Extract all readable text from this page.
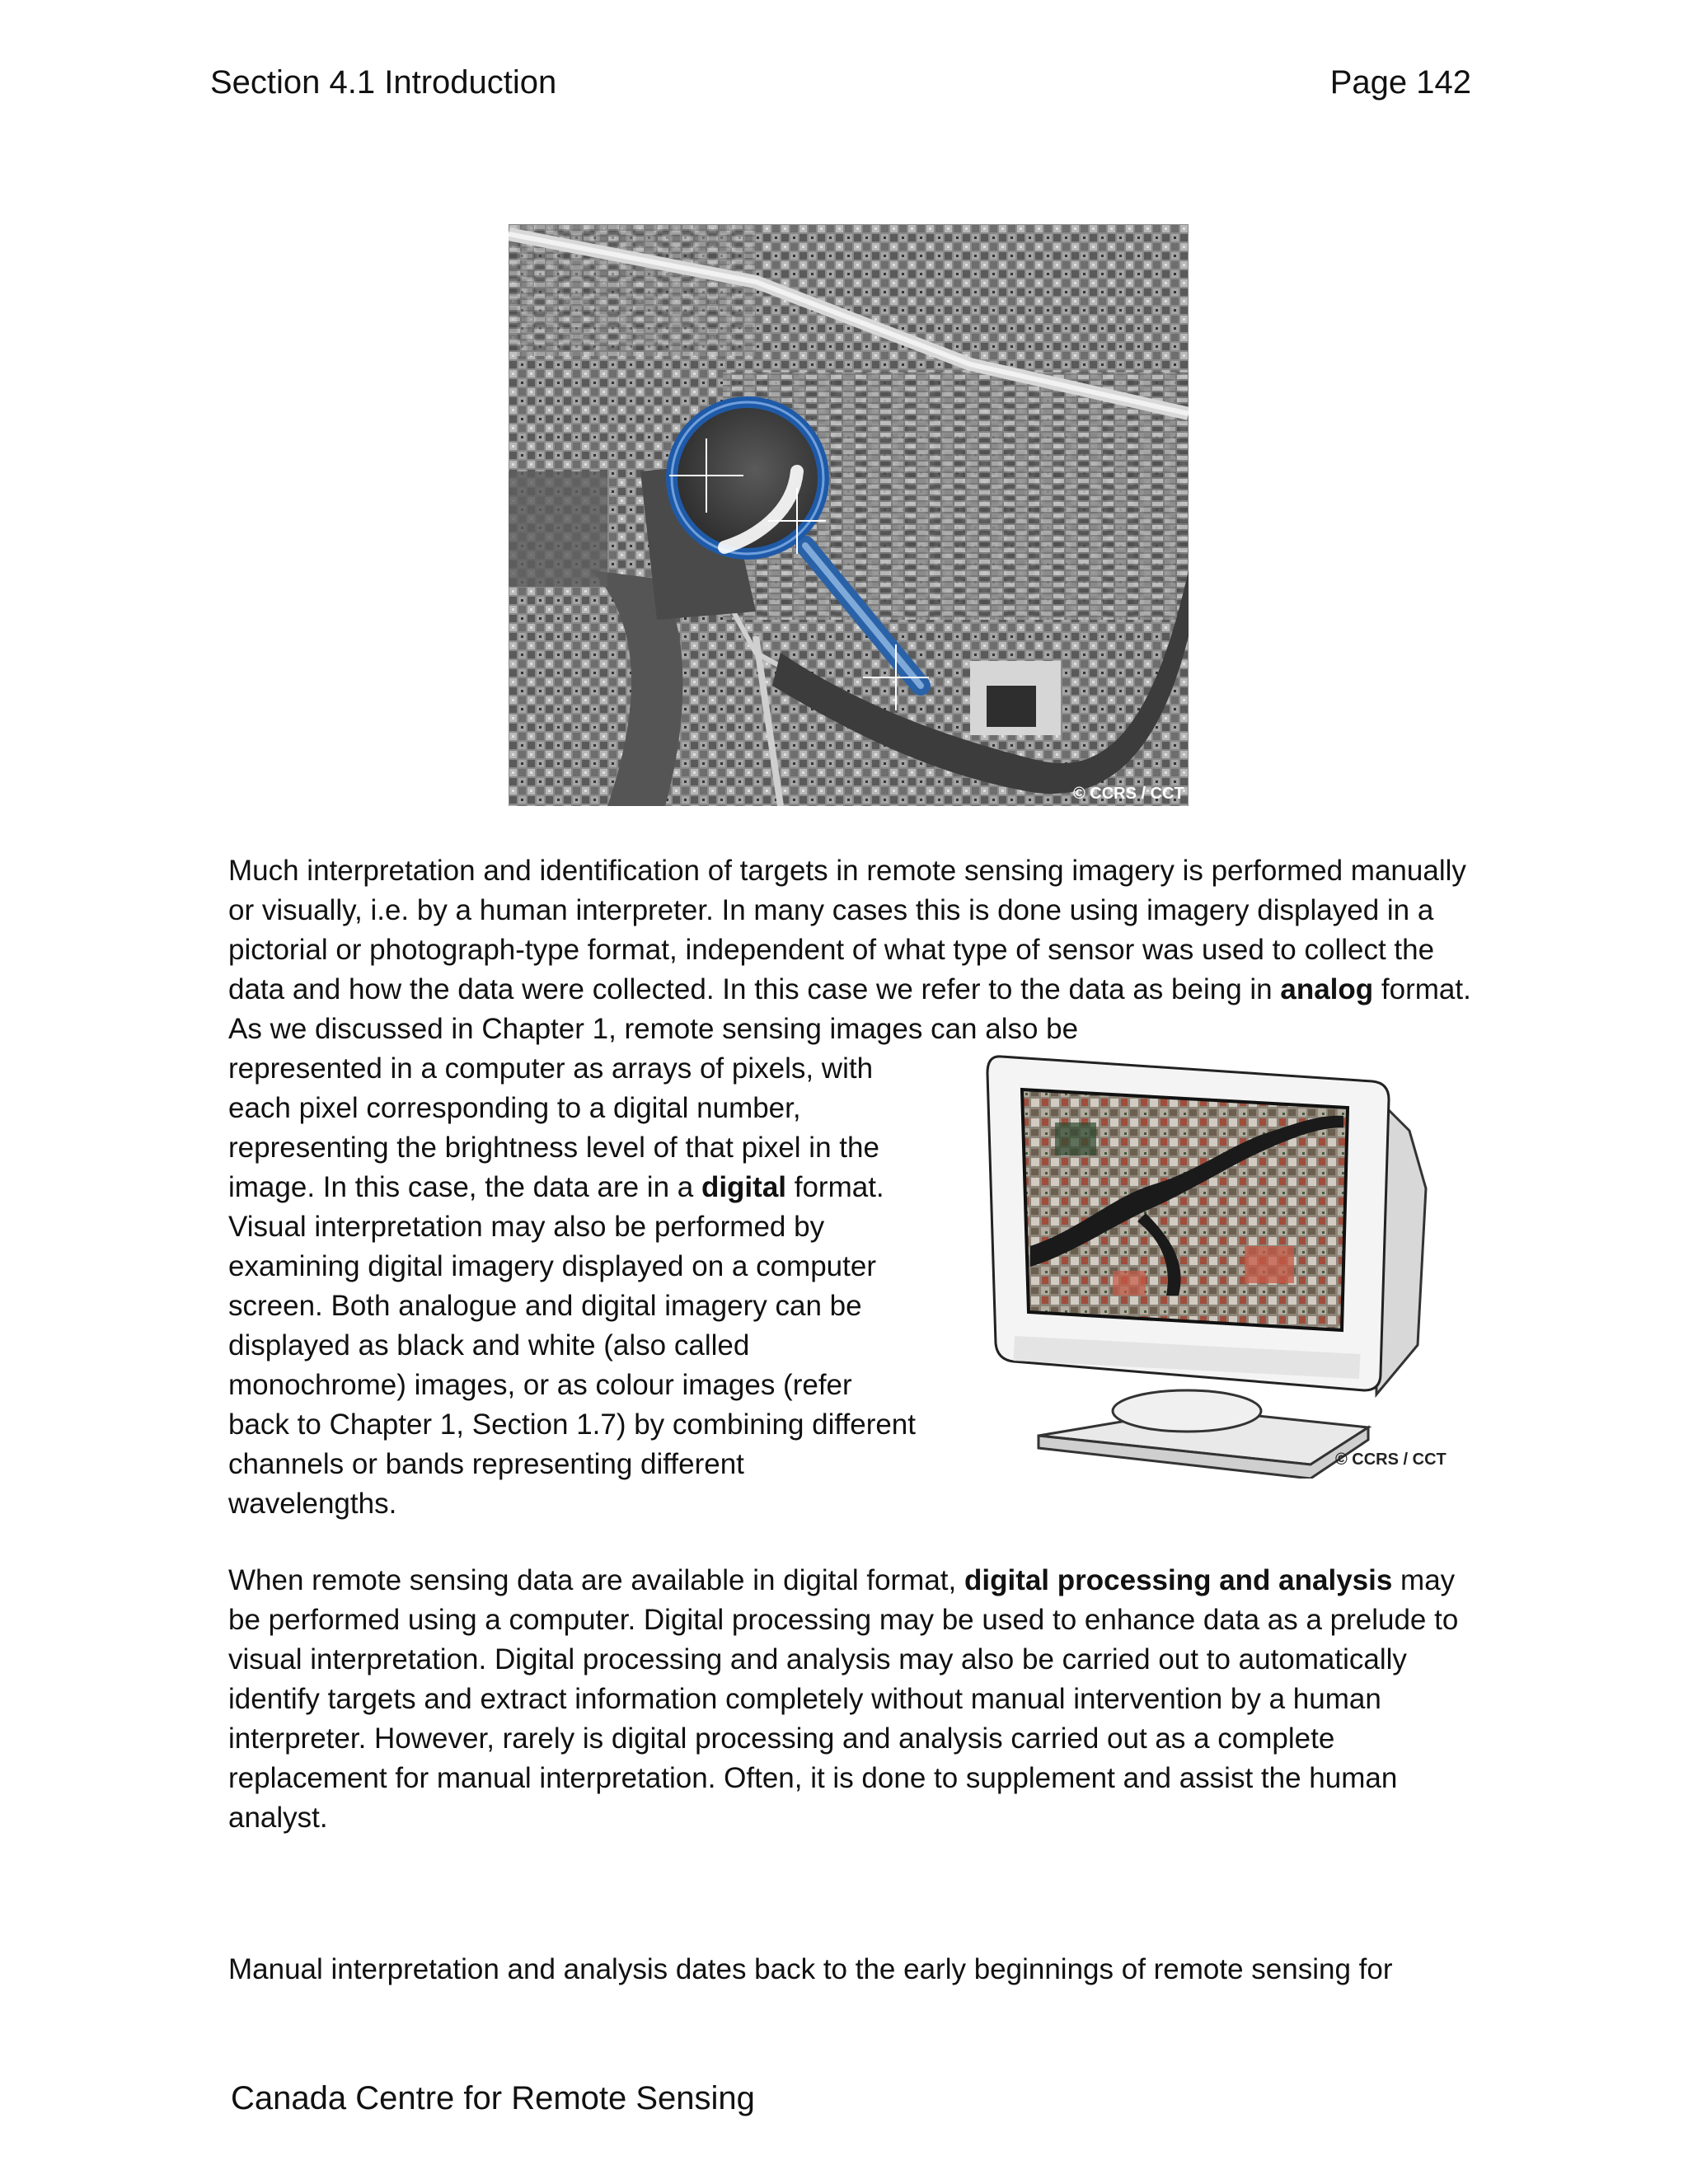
Section 4.1 Introduction	Page 142
© CCRS / CCT

Much interpretation and identification of targets in remote sensing imagery is performed manually or visually, i.e. by a human interpreter. In many cases this is done using imagery displayed in a pictorial or photograph-type format, independent of what type of sensor was used to collect the data and how the data were collected. In this case we refer to the data as being in analog format. As we discussed in Chapter 1, remote sensing images can also be

represented in a computer as arrays of pixels, with
each pixel corresponding to a digital number,
representing the brightness level of that pixel in the
image. In this case, the data are in a digital format.
Visual interpretation may also be performed by
examining digital imagery displayed on a computer
screen. Both analogue and digital imagery can be
displayed as black and white (also called
monochrome) images, or as colour images (refer
back to Chapter 1, Section 1.7) by combining different
channels or bands representing different
wavelengths.

© CCRS / CCT

When remote sensing data are available in digital format, digital processing and analysis may be performed using a computer. Digital processing may be used to enhance data as a prelude to visual interpretation. Digital processing and analysis may also be carried out to automatically identify targets and extract information completely without manual intervention by a human interpreter. However, rarely is digital processing and analysis carried out as a complete replacement for manual interpretation. Often, it is done to supplement and assist the human analyst.

Manual interpretation and analysis dates back to the early beginnings of remote sensing for

Canada Centre for Remote Sensing
